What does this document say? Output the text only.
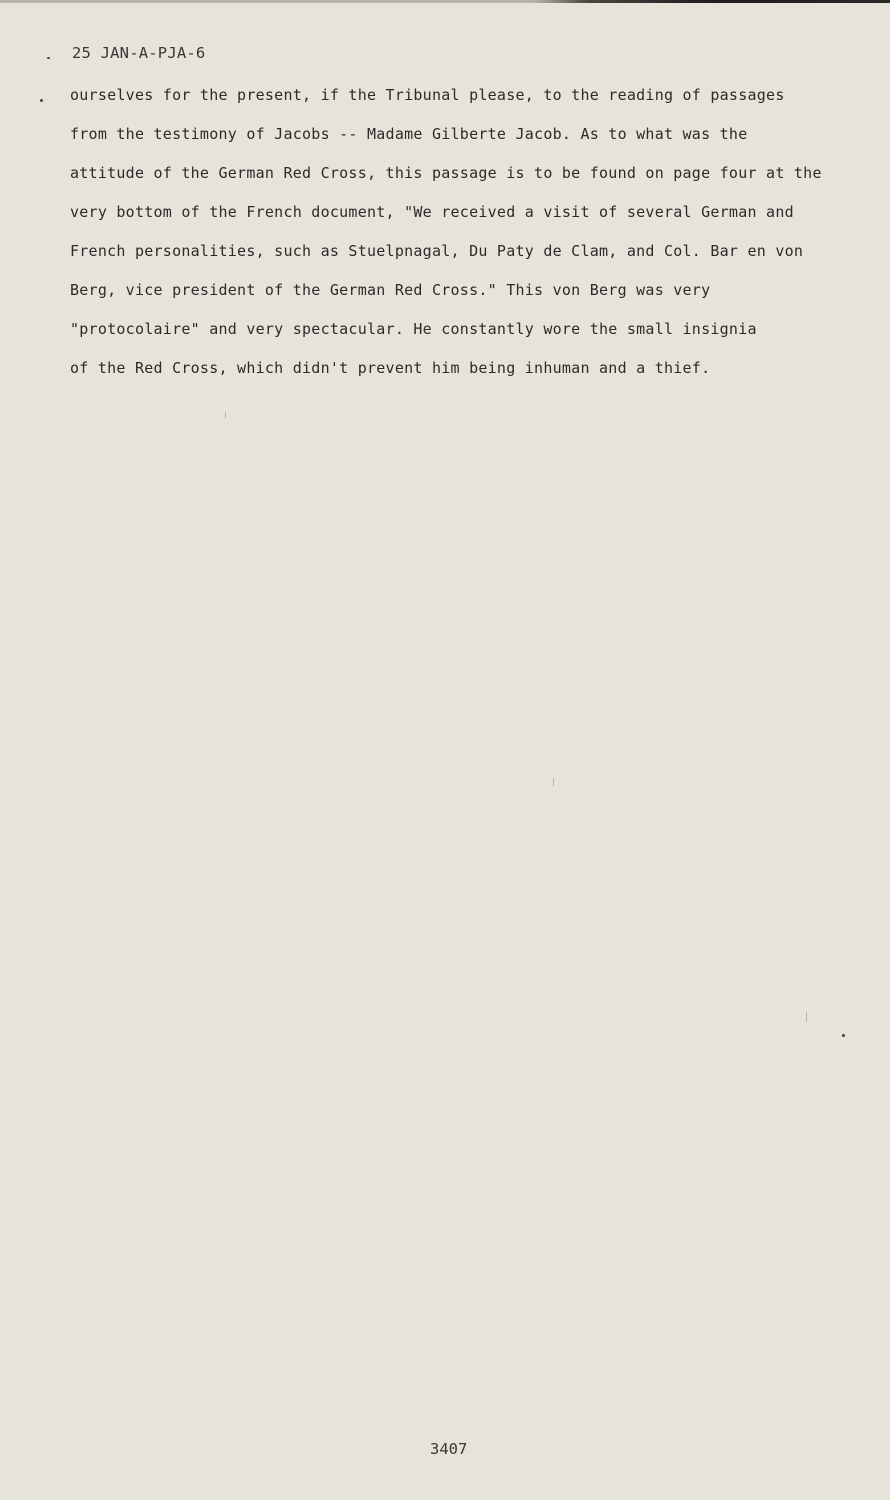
25 JAN-A-PJA-6
ourselves for the present, if the Tribunal please, to the reading of passages
from the testimony of Jacobs -- Madame Gilberte Jacob. As to what was the
attitude of the German Red Cross, this passage is to be found on page four at the
very bottom of the French document, "We received a visit of several German and
French personalities, such as Stuelpnagal, Du Paty de Clam, and Col. Bar en von
Berg, vice president of the German Red Cross." This von Berg was very
"protocolaire" and very spectacular. He constantly wore the small insignia
of the Red Cross, which didn't prevent him being inhuman and a thief.
3407
